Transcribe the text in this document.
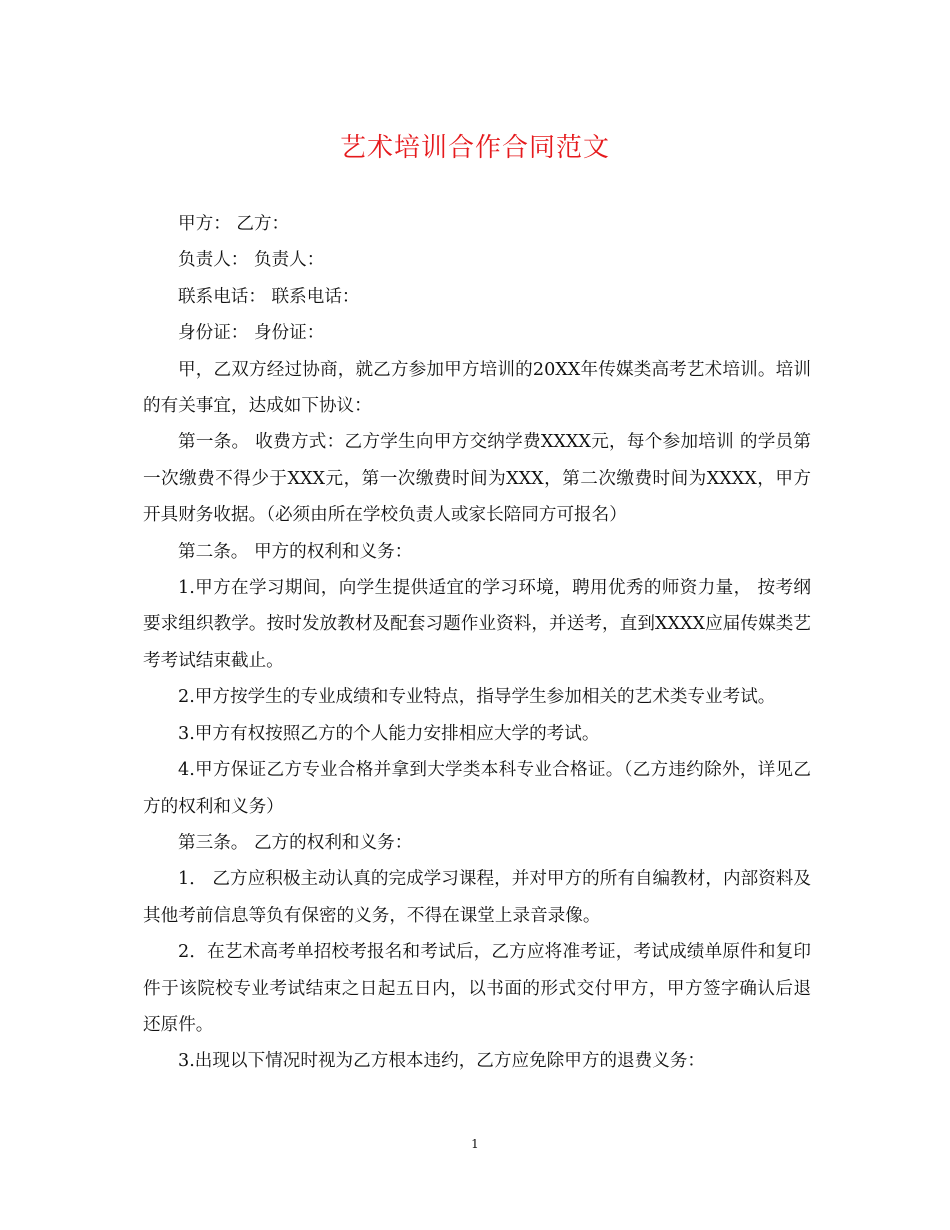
艺术培训合作合同范文

甲方： 乙方：

负责人： 负责人：

联系电话： 联系电话：

身份证： 身份证：

甲，乙双方经过协商，就乙方参加甲方培训的20XX年传媒类高考艺术培训。培训的有关事宜，达成如下协议：

第一条。 收费方式：乙方学生向甲方交纳学费XXXX元，每个参加培训 的学员第一次缴费不得少于XXX元，第一次缴费时间为XXX，第二次缴费时间为XXXX，甲方开具财务收据。（必须由所在学校负责人或家长陪同方可报名）

第二条。 甲方的权利和义务：

1.甲方在学习期间，向学生提供适宜的学习环境，聘用优秀的师资力量， 按考纲要求组织教学。按时发放教材及配套习题作业资料，并送考，直到XXXX应届传媒类艺考考试结束截止。

2.甲方按学生的专业成绩和专业特点，指导学生参加相关的艺术类专业考试。

3.甲方有权按照乙方的个人能力安排相应大学的考试。

4.甲方保证乙方专业合格并拿到大学类本科专业合格证。（乙方违约除外，详见乙方的权利和义务）

第三条。 乙方的权利和义务：

1． 乙方应积极主动认真的完成学习课程，并对甲方的所有自编教材，内部资料及其他考前信息等负有保密的义务，不得在课堂上录音录像。

2．在艺术高考单招校考报名和考试后，乙方应将准考证，考试成绩单原件和复印件于该院校专业考试结束之日起五日内，以书面的形式交付甲方，甲方签字确认后退还原件。

3.出现以下情况时视为乙方根本违约，乙方应免除甲方的退费义务：

1
